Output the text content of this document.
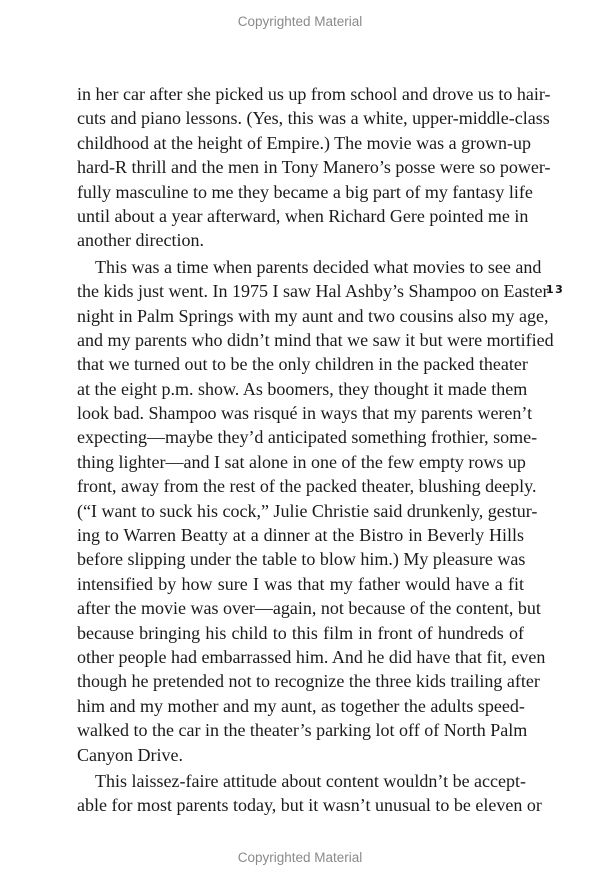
Copyrighted Material
13
in her car after she picked us up from school and drove us to hair-
cuts and piano lessons. (Yes, this was a white, upper-middle-class
childhood at the height of Empire.) The movie was a grown-up
hard-R thrill and the men in Tony Manero’s posse were so power-
fully masculine to me they became a big part of my fantasy life
until about a year afterward, when Richard Gere pointed me in
another direction.
This was a time when parents decided what movies to see and
the kids just went. In 1975 I saw Hal Ashby’s Shampoo on Easter
night in Palm Springs with my aunt and two cousins also my age,
and my parents who didn’t mind that we saw it but were mortified
that we turned out to be the only children in the packed theater
at the eight p.m. show. As boomers, they thought it made them
look bad. Shampoo was risqué in ways that my parents weren’t
expecting—maybe they’d anticipated something frothier, some-
thing lighter—and I sat alone in one of the few empty rows up
front, away from the rest of the packed theater, blushing deeply.
(“I want to suck his cock,” Julie Christie said drunkenly, gestur-
ing to Warren Beatty at a dinner at the Bistro in Beverly Hills
before slipping under the table to blow him.) My pleasure was
intensified by how sure I was that my father would have a fit
after the movie was over—again, not because of the content, but
because bringing his child to this film in front of hundreds of
other people had embarrassed him. And he did have that fit, even
though he pretended not to recognize the three kids trailing after
him and my mother and my aunt, as together the adults speed-
walked to the car in the theater’s parking lot off of North Palm
Canyon Drive.
This laissez-faire attitude about content wouldn’t be accept-
able for most parents today, but it wasn’t unusual to be eleven or
Copyrighted Material
